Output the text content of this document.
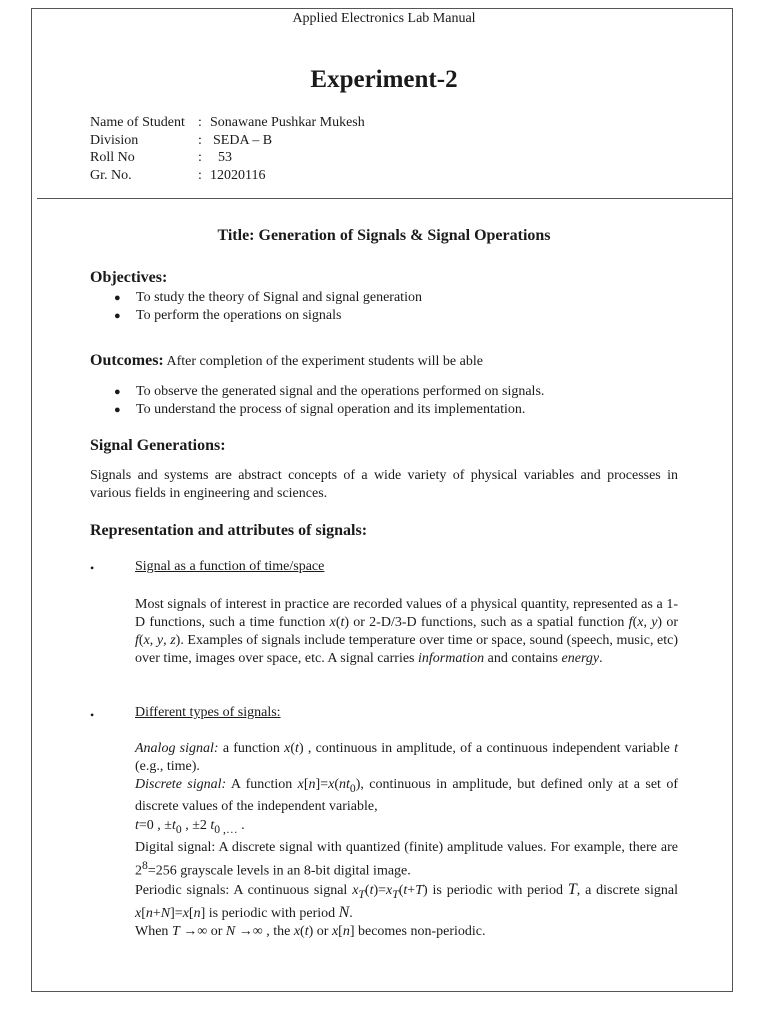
Applied Electronics Lab Manual
Experiment-2
Name of Student : Sonawane Pushkar Mukesh
Division	: SEDA – B
Roll No	:	53
Gr. No.	: 12020116
Title: Generation of Signals & Signal Operations
Objectives:
● To study the theory of Signal and signal generation
● To perform the operations on signals
Outcomes: After completion of the experiment students will be able
● To observe the generated signal and the operations performed on signals.
● To understand the process of signal operation and its implementation.
Signal Generations:
Signals and systems are abstract concepts of a wide variety of physical variables and processes in various fields in engineering and sciences.
Representation and attributes of signals:
•	Signal as a function of time/space
Most signals of interest in practice are recorded values of a physical quantity, represented as a 1-D functions, such a time function x(t) or 2-D/3-D functions, such as a spatial function f(x, y) or f(x, y, z). Examples of signals include temperature over time or space, sound (speech, music, etc) over time, images over space, etc. A signal carries information and contains energy.
•	Different types of signals:
Analog signal: a function x(t) , continuous in amplitude, of a continuous independent variable t (e.g., time).
Discrete signal: A function $x[n]=x(nt_0)$, continuous in amplitude, but defined only at a set of discrete values of the independent variable,
t=0 , $\pm t_0$ , ±2 $t_{0 ,\dots}$ .
Digital signal: A discrete signal with quantized (finite) amplitude values. For example, there are $2^8=256$ grayscale levels in an 8-bit digital image.
Periodic signals: A continuous signal $x_T(t)=x_T(t+T)$ is periodic with period T, a discrete signal x[n+N]=x[n] is periodic with period N.
When T →∞ or N →∞ , the x(t) or x[n] becomes non-periodic.
